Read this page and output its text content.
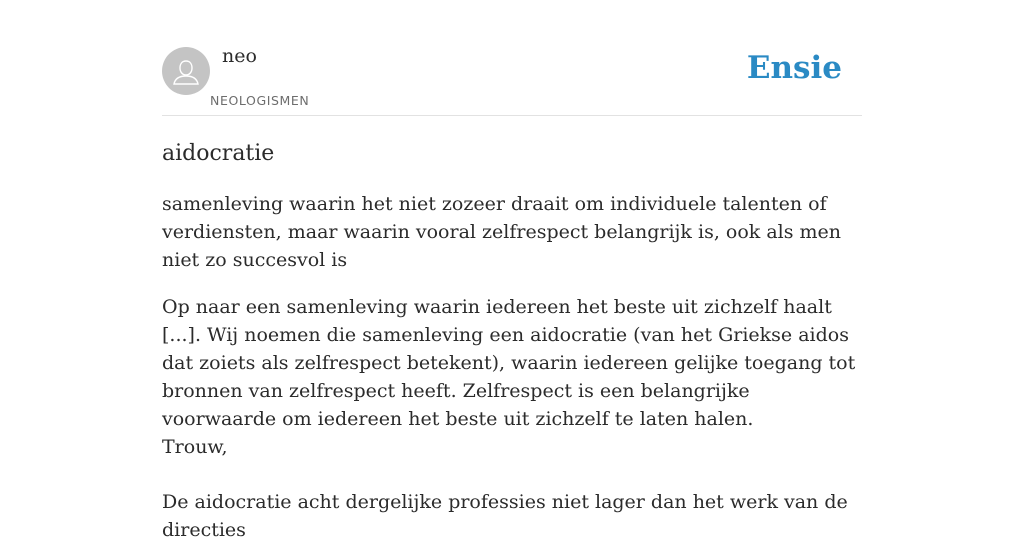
neo
NEOLOGISMEN
Ensie
aidocratie

samenleving waarin het niet zozeer draait om individuele talenten of verdiensten, maar waarin vooral zelfrespect belangrijk is, ook als men niet zo succesvol is

Op naar een samenleving waarin iedereen het beste uit zichzelf haalt [...]. Wij noemen die samenleving een aidocratie (van het Griekse aidos dat zoiets als zelfrespect betekent), waarin iedereen gelijke toegang tot bronnen van zelfrespect heeft. Zelfrespect is een belangrijke voorwaarde om iedereen het beste uit zichzelf te laten halen.

Trouw,

De aidocratie acht dergelijke professies niet lager dan het werk van de directies
